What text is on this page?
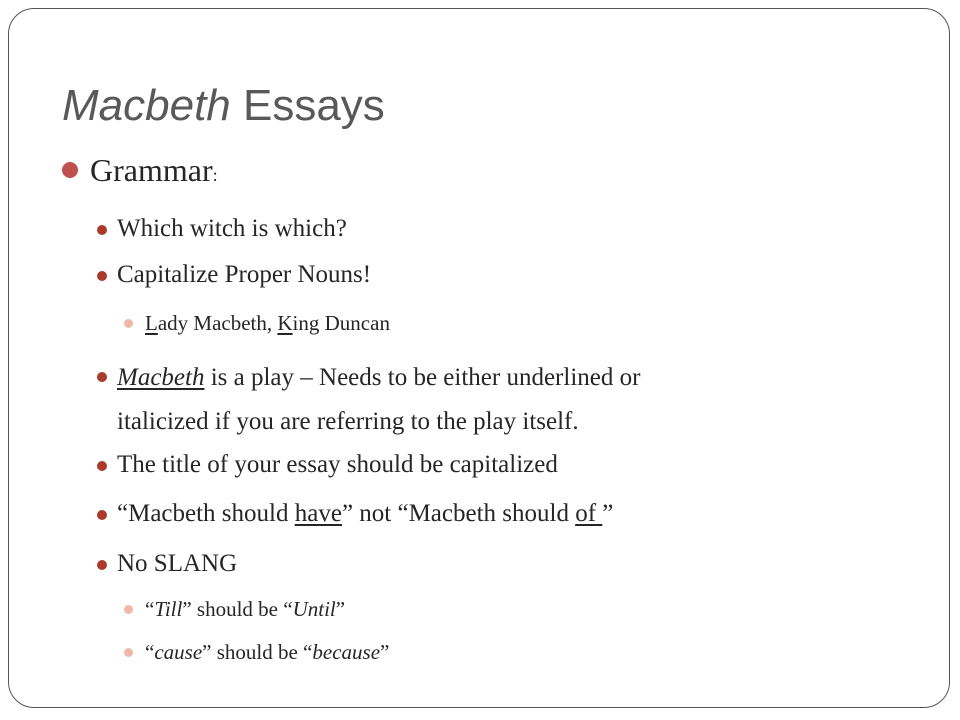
Macbeth Essays
Grammar:
Which witch is which?
Capitalize Proper Nouns!
Lady Macbeth, King Duncan
Macbeth is a play – Needs to be either underlined or
italicized if you are referring to the play itself.
The title of your essay should be capitalized
“Macbeth should have” not “Macbeth should of ”
No SLANG
“Till” should be “Until”
“cause” should be “because”
